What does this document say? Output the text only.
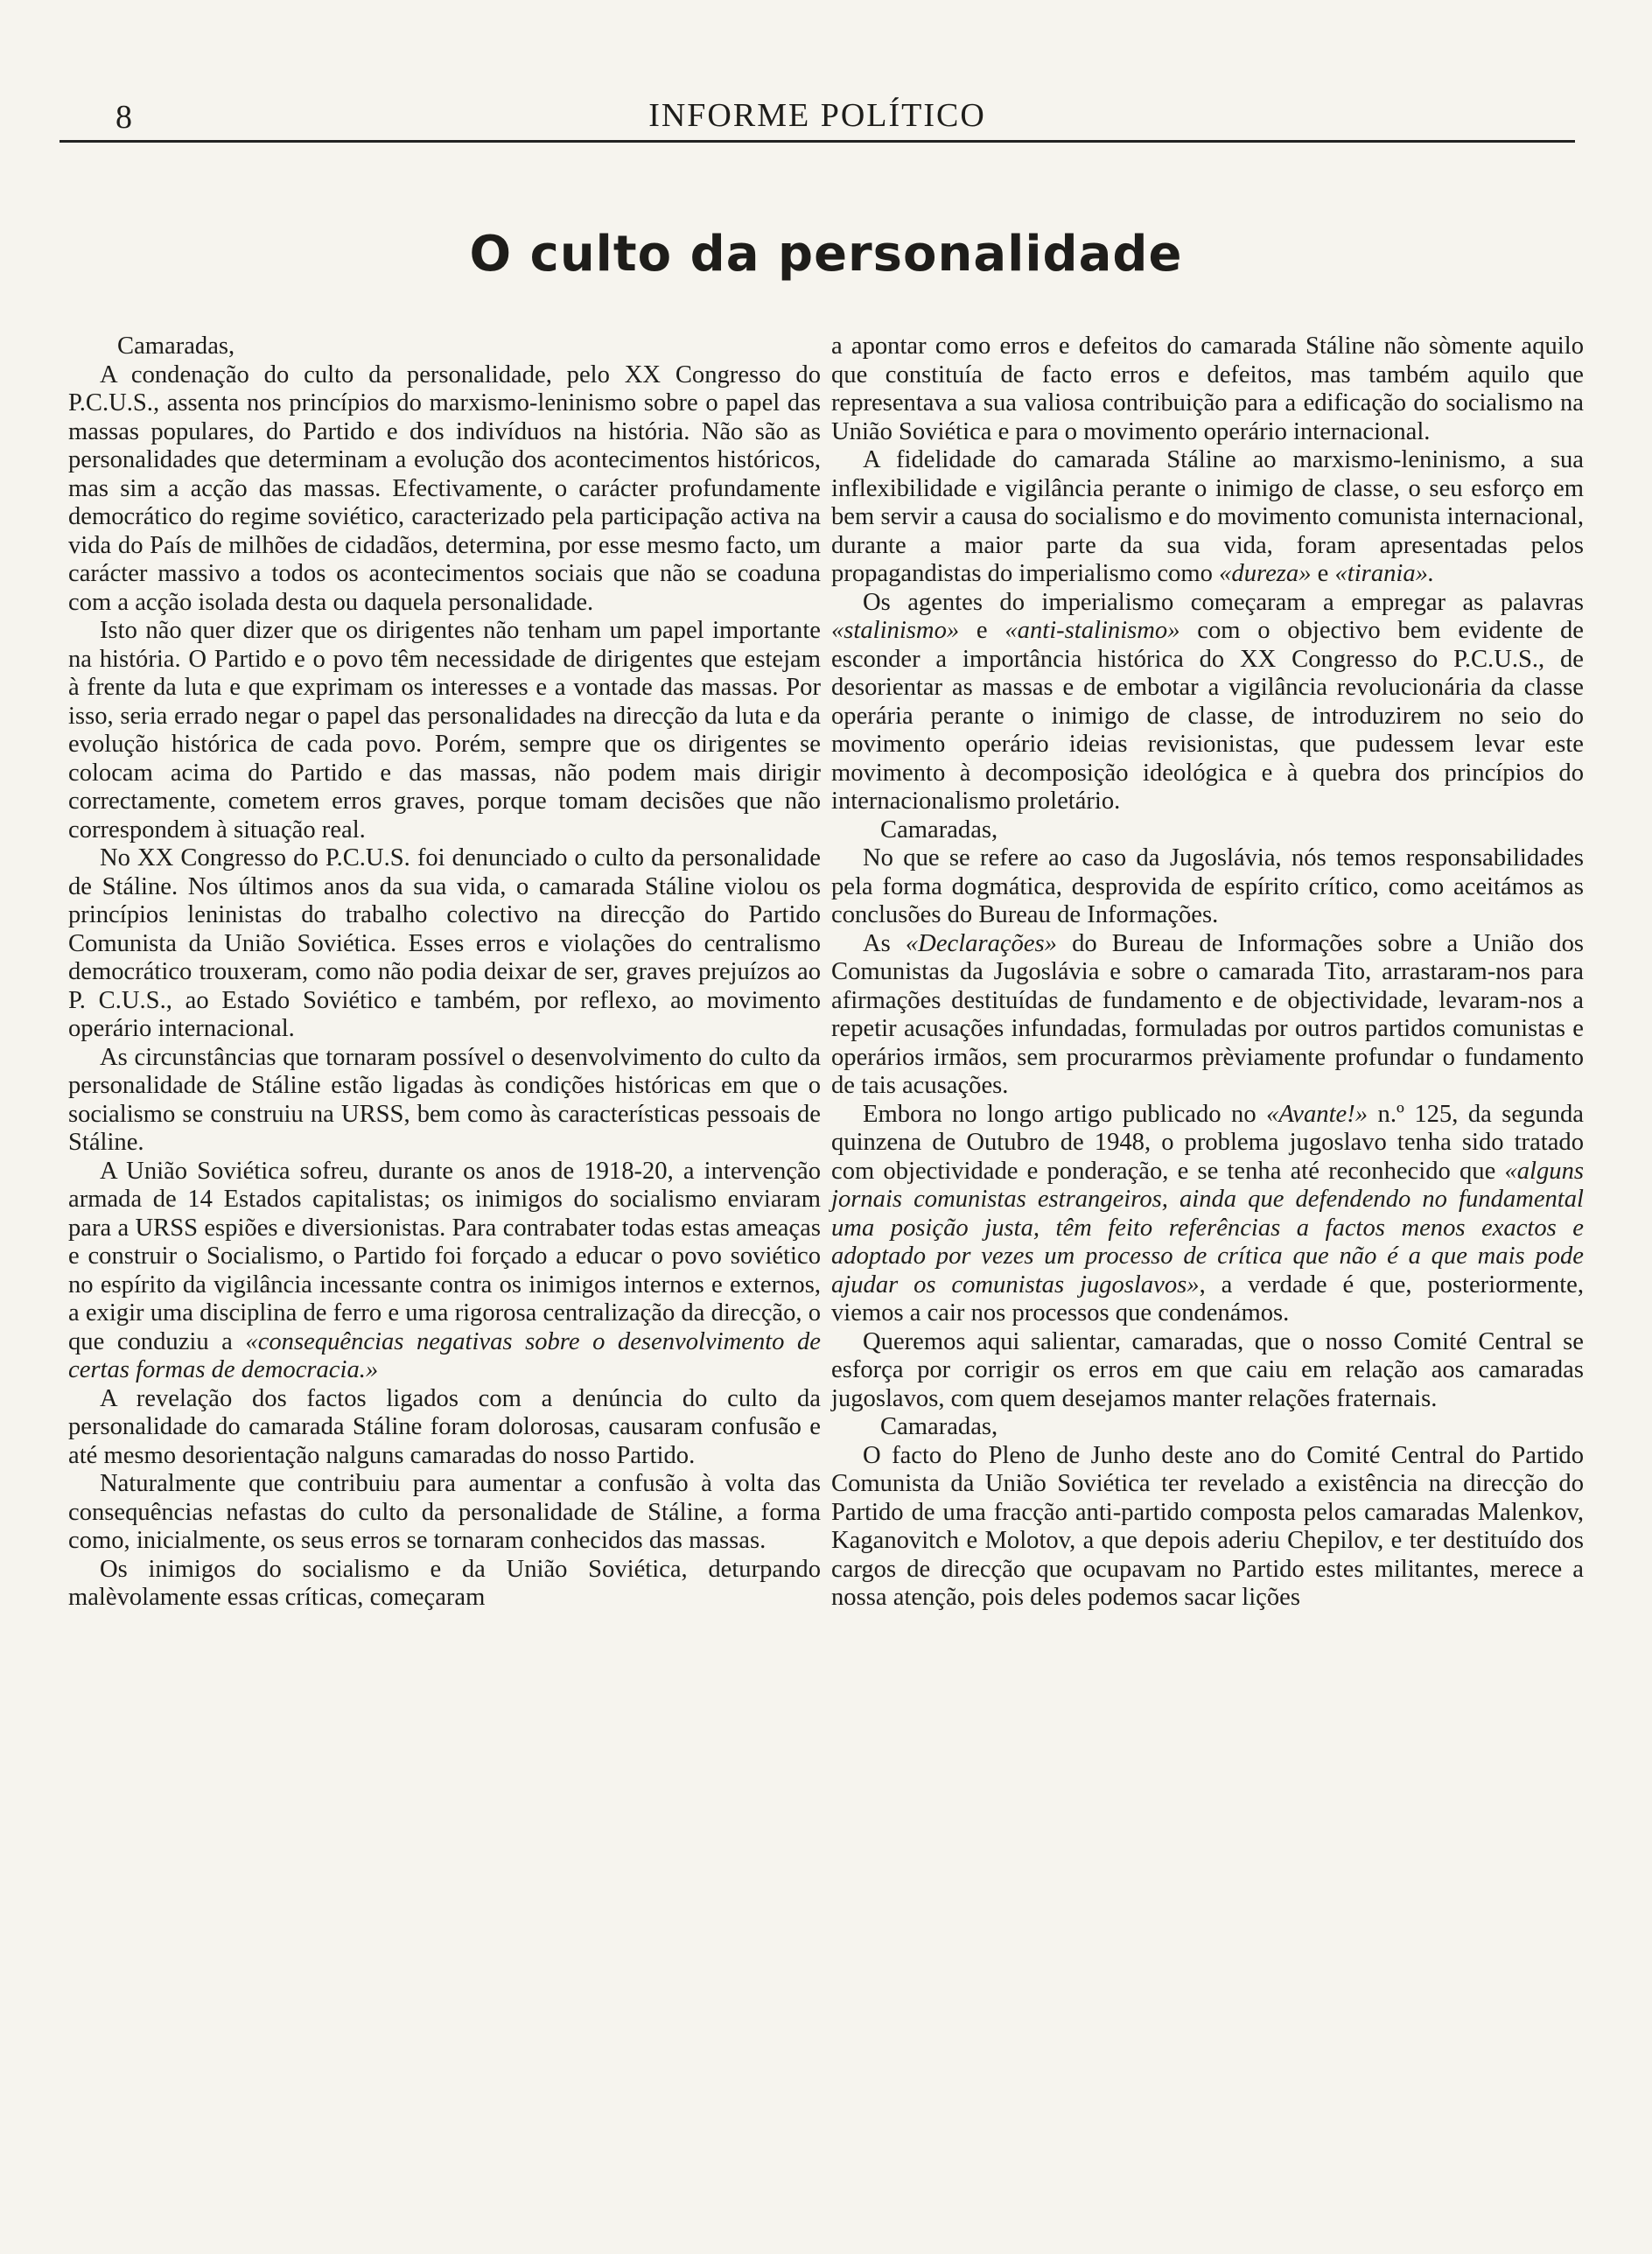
8	INFORME POLÍTICO
O culto da personalidade

Camaradas,

A condenação do culto da personalidade, pelo XX Congresso do P.C.U.S., assenta nos princípios do marxismo-leninismo sobre o papel das massas populares, do Partido e dos indivíduos na história. Não são as personalidades que determinam a evolução dos acontecimentos históricos, mas sim a acção das massas. Efectivamente, o carácter profundamente democrático do regime soviético, caracterizado pela participação activa na vida do País de milhões de cidadãos, determina, por esse mesmo facto, um carácter massivo a todos os acontecimentos sociais que não se coaduna com a acção isolada desta ou daquela personalidade.

Isto não quer dizer que os dirigentes não tenham um papel importante na história. O Partido e o povo têm necessidade de dirigentes que estejam à frente da luta e que exprimam os interesses e a vontade das massas. Por isso, seria errado negar o papel das personalidades na direcção da luta e da evolução histórica de cada povo. Porém, sempre que os dirigentes se colocam acima do Partido e das massas, não podem mais dirigir correctamente, cometem erros graves, porque tomam decisões que não correspondem à situação real.

No XX Congresso do P.C.U.S. foi denunciado o culto da personalidade de Stáline. Nos últimos anos da sua vida, o camarada Stáline violou os princípios leninistas do trabalho colectivo na direcção do Partido Comunista da União Soviética. Esses erros e violações do centralismo democrático trouxeram, como não podia deixar de ser, graves prejuízos ao P. C.U.S., ao Estado Soviético e também, por reflexo, ao movimento operário internacional.

As circunstâncias que tornaram possível o desenvolvimento do culto da personalidade de Stáline estão ligadas às condições históricas em que o socialismo se construiu na URSS, bem como às características pessoais de Stáline.

A União Soviética sofreu, durante os anos de 1918-20, a intervenção armada de 14 Estados capitalistas; os inimigos do socialismo enviaram para a URSS espiões e diversionistas. Para contrabater todas estas ameaças e construir o Socialismo, o Partido foi forçado a educar o povo soviético no espírito da vigilância incessante contra os inimigos internos e externos, a exigir uma disciplina de ferro e uma rigorosa centralização da direcção, o que conduziu a «consequências negativas sobre o desenvolvimento de certas formas de democracia.»

A revelação dos factos ligados com a denúncia do culto da personalidade do camarada Stáline foram dolorosas, causaram confusão e até mesmo desorientação nalguns camaradas do nosso Partido.

Naturalmente que contribuiu para aumentar a confusão à volta das consequências nefastas do culto da personalidade de Stáline, a forma como, inicialmente, os seus erros se tornaram conhecidos das massas.

Os inimigos do socialismo e da União Soviética, deturpando malèvolamente essas críticas, começaram

a apontar como erros e defeitos do camarada Stáline não sòmente aquilo que constituía de facto erros e defeitos, mas também aquilo que representava a sua valiosa contribuição para a edificação do socialismo na União Soviética e para o movimento operário internacional.

A fidelidade do camarada Stáline ao marxismo-leninismo, a sua inflexibilidade e vigilância perante o inimigo de classe, o seu esforço em bem servir a causa do socialismo e do movimento comunista internacional, durante a maior parte da sua vida, foram apresentadas pelos propagandistas do imperialismo como «dureza» e «tirania».

Os agentes do imperialismo começaram a empregar as palavras «stalinismo» e «anti-stalinismo» com o objectivo bem evidente de esconder a importância histórica do XX Congresso do P.C.U.S., de desorientar as massas e de embotar a vigilância revolucionária da classe operária perante o inimigo de classe, de introduzirem no seio do movimento operário ideias revisionistas, que pudessem levar este movimento à decomposição ideológica e à quebra dos princípios do internacionalismo proletário.

Camaradas,

No que se refere ao caso da Jugoslávia, nós temos responsabilidades pela forma dogmática, desprovida de espírito crítico, como aceitámos as conclusões do Bureau de Informações.

As «Declarações» do Bureau de Informações sobre a União dos Comunistas da Jugoslávia e sobre o camarada Tito, arrastaram-nos para afirmações destituídas de fundamento e de objectividade, levaram-nos a repetir acusações infundadas, formuladas por outros partidos comunistas e operários irmãos, sem procurarmos prèviamente profundar o fundamento de tais acusações.

Embora no longo artigo publicado no «Avante!» n.º 125, da segunda quinzena de Outubro de 1948, o problema jugoslavo tenha sido tratado com objectividade e ponderação, e se tenha até reconhecido que «alguns jornais comunistas estrangeiros, ainda que defendendo no fundamental uma posição justa, têm feito referências a factos menos exactos e adoptado por vezes um processo de crítica que não é a que mais pode ajudar os comunistas jugoslavos», a verdade é que, posteriormente, viemos a cair nos processos que condenámos.

Queremos aqui salientar, camaradas, que o nosso Comité Central se esforça por corrigir os erros em que caiu em relação aos camaradas jugoslavos, com quem desejamos manter relações fraternais.

Camaradas,

O facto do Pleno de Junho deste ano do Comité Central do Partido Comunista da União Soviética ter revelado a existência na direcção do Partido de uma fracção anti-partido composta pelos camaradas Malenkov, Kaganovitch e Molotov, a que depois aderiu Chepilov, e ter destituído dos cargos de direcção que ocupavam no Partido estes militantes, merece a nossa atenção, pois deles podemos sacar lições
